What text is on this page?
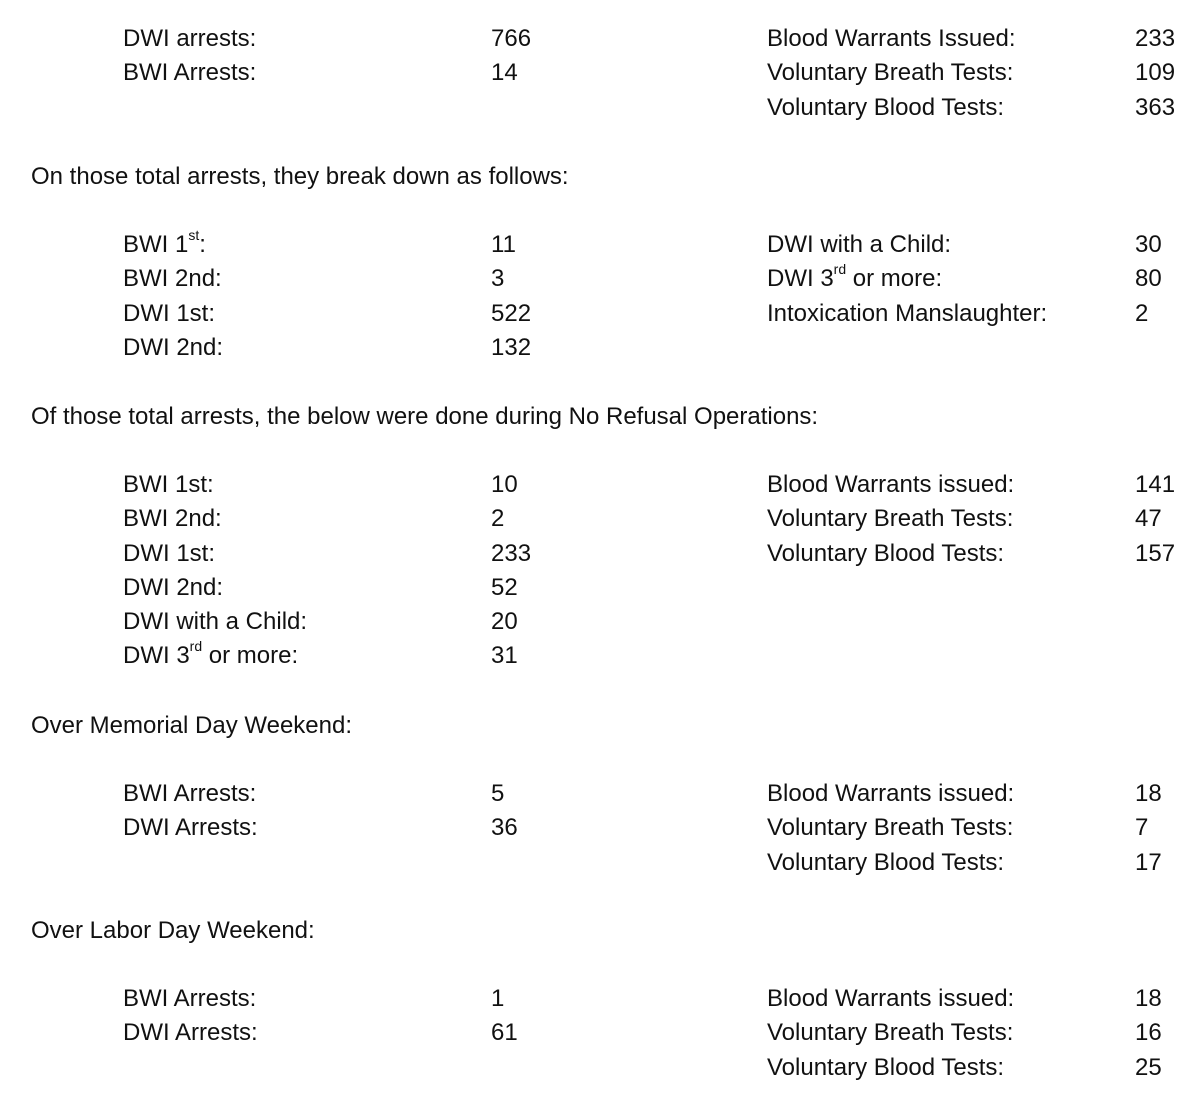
DWI arrests:	766	Blood Warrants Issued:	233
BWI Arrests:	14	Voluntary Breath Tests:	109
Voluntary Blood Tests:	363
On those total arrests, they break down as follows:
BWI 1st:	11	DWI with a Child:	30
BWI 2nd:	3	DWI 3rd or more:	80
DWI 1st:	522	Intoxication Manslaughter:	2
DWI 2nd:	132
Of those total arrests, the below were done during No Refusal Operations:
BWI 1st:	10	Blood Warrants issued:	141
BWI 2nd:	2	Voluntary Breath Tests:	47
DWI 1st:	233	Voluntary Blood Tests:	157
DWI 2nd:	52
DWI with a Child:	20
DWI 3rd or more:	31
Over Memorial Day Weekend:
BWI Arrests:	5	Blood Warrants issued:	18
DWI Arrests:	36	Voluntary Breath Tests:	7
Voluntary Blood Tests:	17
Over Labor Day Weekend:
BWI Arrests:	1	Blood Warrants issued:	18
DWI Arrests:	61	Voluntary Breath Tests:	16
Voluntary Blood Tests:	25
